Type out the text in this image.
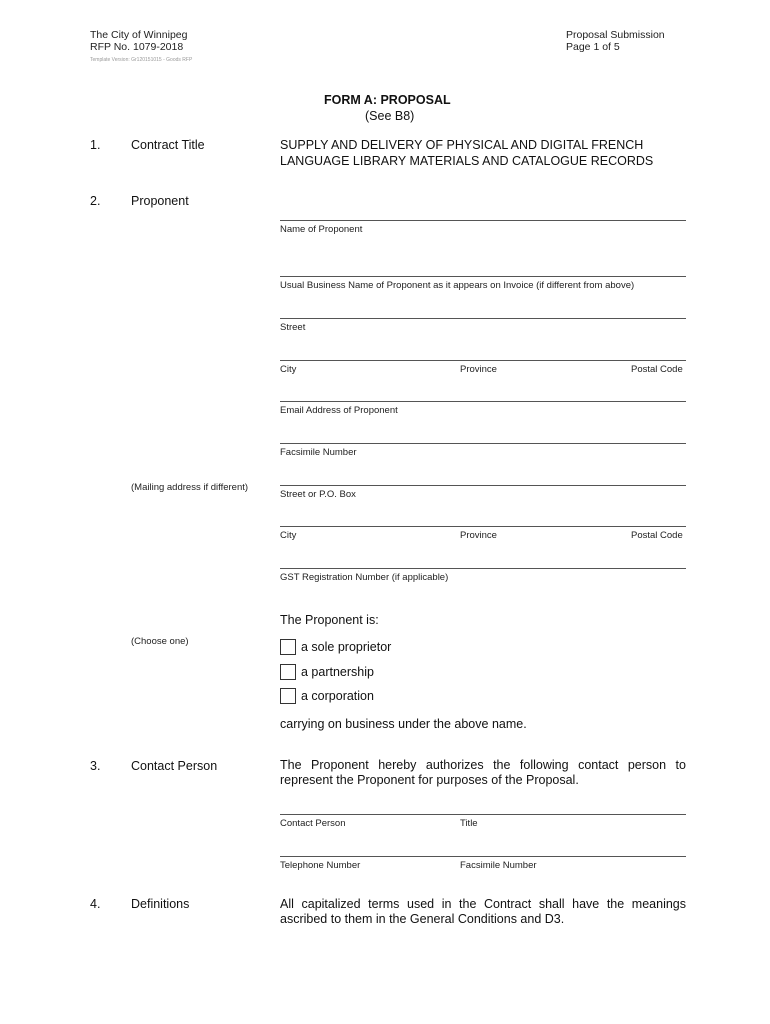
The City of Winnipeg
RFP No. 1079-2018
Template Version: Gr120151015 - Goods RFP
Proposal Submission
Page 1 of 5
FORM A: PROPOSAL
(See B8)
1. Contract Title	SUPPLY AND DELIVERY OF PHYSICAL AND DIGITAL FRENCH
LANGUAGE LIBRARY MATERIALS AND CATALOGUE RECORDS
2. Proponent
Name of Proponent
Usual Business Name of Proponent as it appears on Invoice (if different from above)
Street
City	Province	Postal Code
Email Address of Proponent
Facsimile Number
(Mailing address if different)
Street or P.O. Box
City	Province	Postal Code
GST Registration Number (if applicable)
The Proponent is:
(Choose one)	a sole proprietor
a partnership
a corporation
carrying on business under the above name.
3. Contact Person	The Proponent hereby authorizes the following contact person to represent the Proponent for purposes of the Proposal.
Contact Person	Title
Telephone Number	Facsimile Number
4. Definitions	All capitalized terms used in the Contract shall have the meanings ascribed to them in the General Conditions and D3.
